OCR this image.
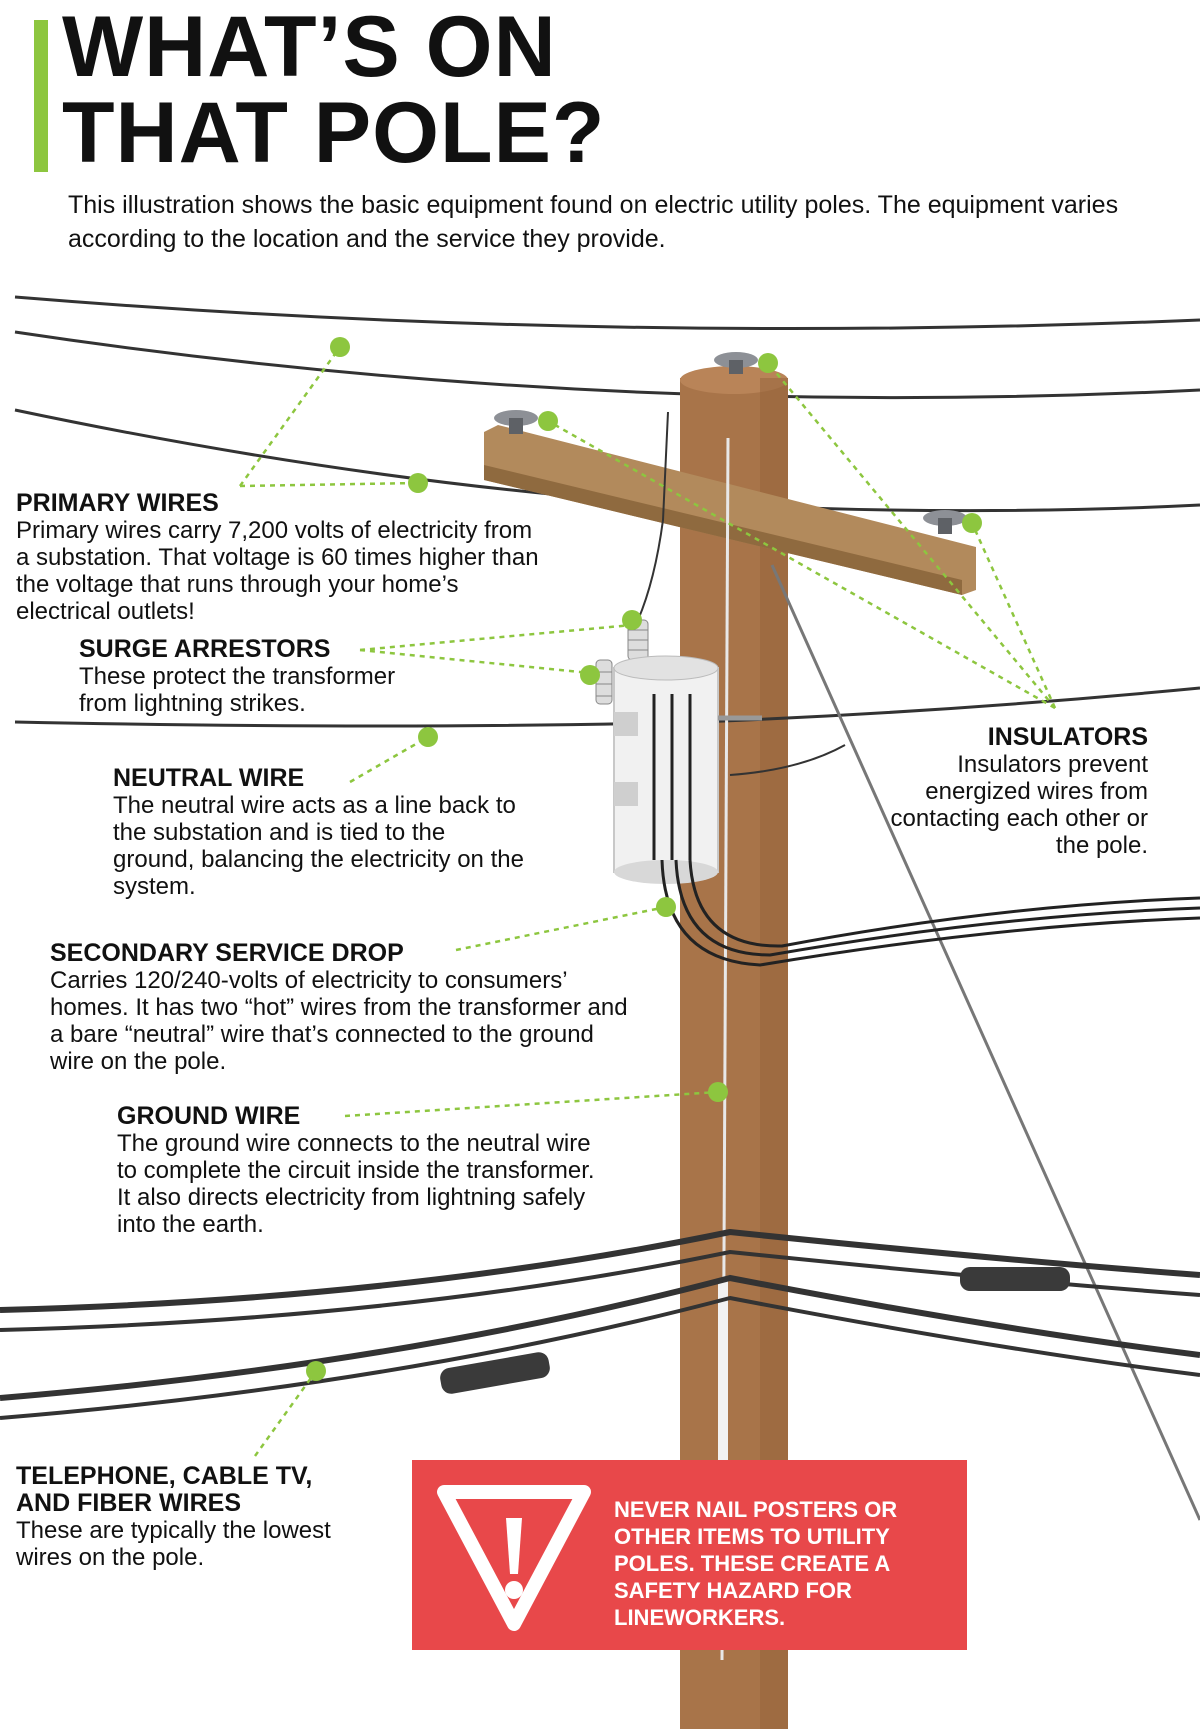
WHAT’S ON
THAT POLE?
This illustration shows the basic equipment found on electric utility poles. The equipment varies according to the location and the service they provide.
PRIMARY WIRES

Primary wires carry 7,200 volts of electricity from a substation. That voltage is 60 times higher than the voltage that runs through your home’s electrical outlets!

SURGE ARRESTORS

These protect the transformer from lightning strikes.

NEUTRAL WIRE

The neutral wire acts as a line back to the substation and is tied to the ground, balancing the electricity on the system.

SECONDARY SERVICE DROP

Carries 120/240-volts of electricity to consumers’ homes. It has two “hot” wires from the transformer and a bare “neutral” wire that’s connected to the ground wire on the pole.

GROUND WIRE

The ground wire connects to the neutral wire to complete the circuit inside the transformer. It also directs electricity from lightning safely into the earth.

TELEPHONE, CABLE TV, AND FIBER WIRES

These are typically the lowest wires on the pole.

INSULATORS

Insulators prevent energized wires from contacting each other or the pole.

NEVER NAIL POSTERS OR OTHER ITEMS TO UTILITY POLES. THESE CREATE A SAFETY HAZARD FOR LINEWORKERS.
